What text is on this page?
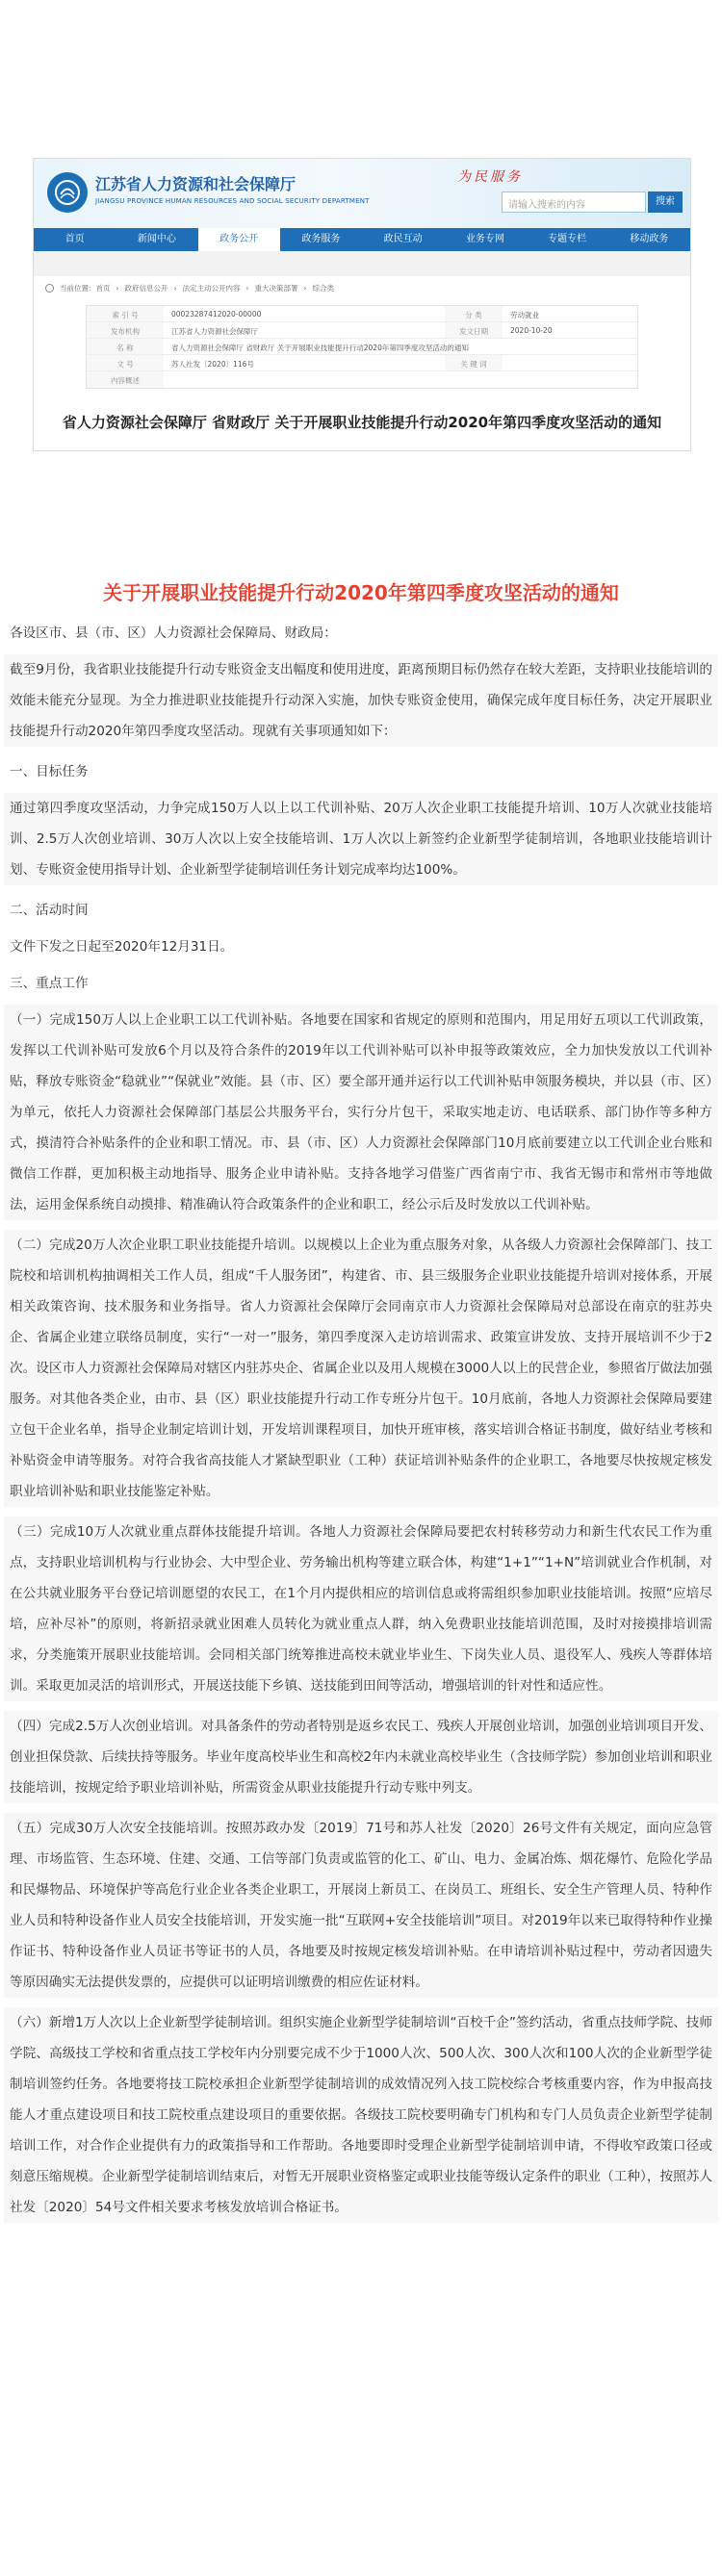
江苏省人力资源和社会保障厅
JIANGSU PROVINCE HUMAN RESOURCES AND SOCIAL SECURITY DEPARTMENT
为民服务
请输入搜索的内容	搜索
首页	新闻中心	政务公开	政务服务	政民互动	业务专网	专题专栏	移动政务
当前位置：首页 › 政府信息公开 › 法定主动公开内容 › 重大决策部署 › 综合类
索 引 号	00023287412020-00000	分 类	劳动就业
发布机构	江苏省人力资源社会保障厅	发文日期	2020-10-20
名 称	省人力资源社会保障厅 省财政厅 关于开展职业技能提升行动2020年第四季度攻坚活动的通知
文 号	苏人社发〔2020〕116号	关 键 词
内容概述
省人力资源社会保障厅 省财政厅 关于开展职业技能提升行动2020年第四季度攻坚活动的通知
关于开展职业技能提升行动2020年第四季度攻坚活动的通知

各设区市、县（市、区）人力资源社会保障局、财政局：

截至9月份，我省职业技能提升行动专账资金支出幅度和使用进度，距离预期目标仍然存在较大差距，支持职业技能培训的效能未能充分显现。为全力推进职业技能提升行动深入实施，加快专账资金使用，确保完成年度目标任务，决定开展职业技能提升行动2020年第四季度攻坚活动。现就有关事项通知如下：

一、目标任务

通过第四季度攻坚活动，力争完成150万人以上以工代训补贴、20万人次企业职工技能提升培训、10万人次就业技能培训、2.5万人次创业培训、30万人次以上安全技能培训、1万人次以上新签约企业新型学徒制培训，各地职业技能培训计划、专账资金使用指导计划、企业新型学徒制培训任务计划完成率均达100%。

二、活动时间

文件下发之日起至2020年12月31日。

三、重点工作

（一）完成150万人以上企业职工以工代训补贴。各地要在国家和省规定的原则和范围内，用足用好五项以工代训政策，发挥以工代训补贴可发放6个月以及符合条件的2019年以工代训补贴可以补申报等政策效应，全力加快发放以工代训补贴，释放专账资金“稳就业”“保就业”效能。县（市、区）要全部开通并运行以工代训补贴申领服务模块，并以县（市、区）为单元，依托人力资源社会保障部门基层公共服务平台，实行分片包干，采取实地走访、电话联系、部门协作等多种方式，摸清符合补贴条件的企业和职工情况。市、县（市、区）人力资源社会保障部门10月底前要建立以工代训企业台账和微信工作群，更加积极主动地指导、服务企业申请补贴。支持各地学习借鉴广西省南宁市、我省无锡市和常州市等地做法，运用金保系统自动摸排、精准确认符合政策条件的企业和职工，经公示后及时发放以工代训补贴。

（二）完成20万人次企业职工职业技能提升培训。以规模以上企业为重点服务对象，从各级人力资源社会保障部门、技工院校和培训机构抽调相关工作人员，组成“千人服务团”，构建省、市、县三级服务企业职业技能提升培训对接体系，开展相关政策咨询、技术服务和业务指导。省人力资源社会保障厅会同南京市人力资源社会保障局对总部设在南京的驻苏央企、省属企业建立联络员制度，实行“一对一”服务，第四季度深入走访培训需求、政策宣讲发放、支持开展培训不少于2次。设区市人力资源社会保障局对辖区内驻苏央企、省属企业以及用人规模在3000人以上的民营企业，参照省厅做法加强服务。对其他各类企业，由市、县（区）职业技能提升行动工作专班分片包干。10月底前，各地人力资源社会保障局要建立包干企业名单，指导企业制定培训计划，开发培训课程项目，加快开班审核，落实培训合格证书制度，做好结业考核和补贴资金申请等服务。对符合我省高技能人才紧缺型职业（工种）获证培训补贴条件的企业职工，各地要尽快按规定核发职业培训补贴和职业技能鉴定补贴。

（三）完成10万人次就业重点群体技能提升培训。各地人力资源社会保障局要把农村转移劳动力和新生代农民工作为重点，支持职业培训机构与行业协会、大中型企业、劳务输出机构等建立联合体，构建“1+1”“1+N”培训就业合作机制，对在公共就业服务平台登记培训愿望的农民工，在1个月内提供相应的培训信息或将需组织参加职业技能培训。按照“应培尽培，应补尽补”的原则，将新招录就业困难人员转化为就业重点人群，纳入免费职业技能培训范围，及时对接摸排培训需求，分类施策开展职业技能培训。会同相关部门统筹推进高校未就业毕业生、下岗失业人员、退役军人、残疾人等群体培训。采取更加灵活的培训形式，开展送技能下乡镇、送技能到田间等活动，增强培训的针对性和适应性。

（四）完成2.5万人次创业培训。对具备条件的劳动者特别是返乡农民工、残疾人开展创业培训，加强创业培训项目开发、创业担保贷款、后续扶持等服务。毕业年度高校毕业生和高校2年内未就业高校毕业生（含技师学院）参加创业培训和职业技能培训，按规定给予职业培训补贴，所需资金从职业技能提升行动专账中列支。

（五）完成30万人次安全技能培训。按照苏政办发〔2019〕71号和苏人社发〔2020〕26号文件有关规定，面向应急管理、市场监管、生态环境、住建、交通、工信等部门负责或监管的化工、矿山、电力、金属冶炼、烟花爆竹、危险化学品和民爆物品、环境保护等高危行业企业各类企业职工，开展岗上新员工、在岗员工、班组长、安全生产管理人员、特种作业人员和特种设备作业人员安全技能培训，开发实施一批“互联网+安全技能培训”项目。对2019年以来已取得特种作业操作证书、特种设备作业人员证书等证书的人员，各地要及时按规定核发培训补贴。在申请培训补贴过程中，劳动者因遗失等原因确实无法提供发票的，应提供可以证明培训缴费的相应佐证材料。

（六）新增1万人次以上企业新型学徒制培训。组织实施企业新型学徒制培训“百校千企”签约活动，省重点技师学院、技师学院、高级技工学校和省重点技工学校年内分别要完成不少于1000人次、500人次、300人次和100人次的企业新型学徒制培训签约任务。各地要将技工院校承担企业新型学徒制培训的成效情况列入技工院校综合考核重要内容，作为申报高技能人才重点建设项目和技工院校重点建设项目的重要依据。各级技工院校要明确专门机构和专门人员负责企业新型学徒制培训工作，对合作企业提供有力的政策指导和工作帮助。各地要即时受理企业新型学徒制培训申请，不得收窄政策口径或刻意压缩规模。企业新型学徒制培训结束后，对暂无开展职业资格鉴定或职业技能等级认定条件的职业（工种），按照苏人社发〔2020〕54号文件相关要求考核发放培训合格证书。
